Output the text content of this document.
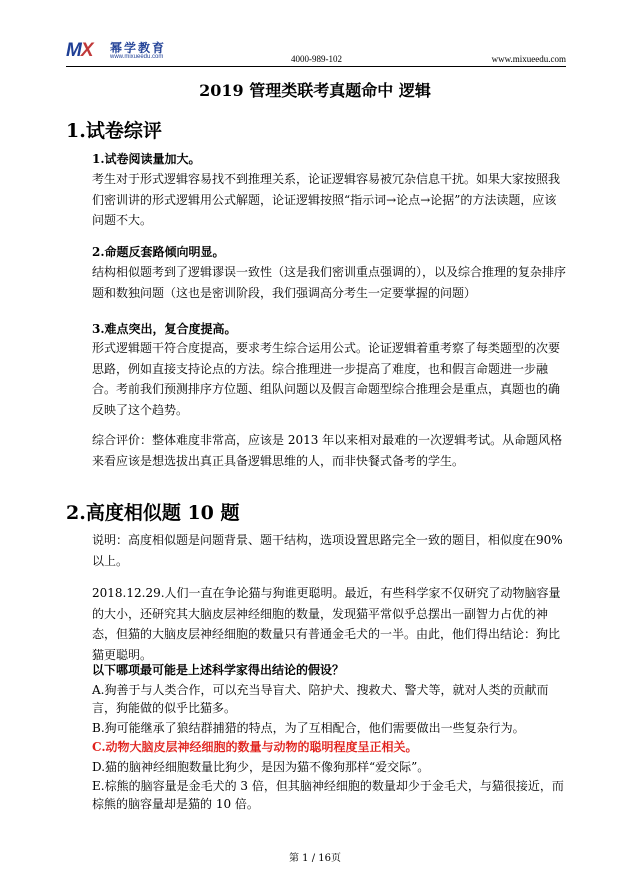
MX 幂学教育
www.mixueedu.com	4000-989-102	www.mixueedu.com
2019 管理类联考真题命中 逻辑
1.试卷综评
1.试卷阅读量加大。
考生对于形式逻辑容易找不到推理关系，论证逻辑容易被冗杂信息干扰。如果大家按照我们密训讲的形式逻辑用公式解题，论证逻辑按照“指示词→论点→论据”的方法读题，应该问题不大。
2.命题反套路倾向明显。
结构相似题考到了逻辑谬误一致性（这是我们密训重点强调的），以及综合推理的复杂排序题和数独问题（这也是密训阶段，我们强调高分考生一定要掌握的问题）
3.难点突出，复合度提高。
形式逻辑题干符合度提高，要求考生综合运用公式。论证逻辑着重考察了每类题型的次要思路，例如直接支持论点的方法。综合推理进一步提高了难度，也和假言命题进一步融合。考前我们预测排序方位题、组队问题以及假言命题型综合推理会是重点，真题也的确反映了这个趋势。
综合评价：整体难度非常高，应该是 2013 年以来相对最难的一次逻辑考试。从命题风格来看应该是想选拔出真正具备逻辑思维的人，而非快餐式备考的学生。
2.高度相似题 10 题
说明：高度相似题是问题背景、题干结构，选项设置思路完全一致的题目，相似度在90%以上。
2018.12.29.人们一直在争论猫与狗谁更聪明。最近，有些科学家不仅研究了动物脑容量的大小，还研究其大脑皮层神经细胞的数量，发现猫平常似乎总摆出一副智力占优的神态，但猫的大脑皮层神经细胞的数量只有普通金毛犬的一半。由此，他们得出结论：狗比猫更聪明。
以下哪项最可能是上述科学家得出结论的假设？
A.狗善于与人类合作，可以充当导盲犬、陪护犬、搜救犬、警犬等，就对人类的贡献而言，狗能做的似乎比猫多。
B.狗可能继承了狼结群捕猎的特点，为了互相配合，他们需要做出一些复杂行为。
C.动物大脑皮层神经细胞的数量与动物的聪明程度呈正相关。
D.猫的脑神经细胞数量比狗少，是因为猫不像狗那样“爱交际”。
E.棕熊的脑容量是金毛犬的 3 倍，但其脑神经细胞的数量却少于金毛犬，与猫很接近，而棕熊的脑容量却是猫的 10 倍。
第 1 / 16页
